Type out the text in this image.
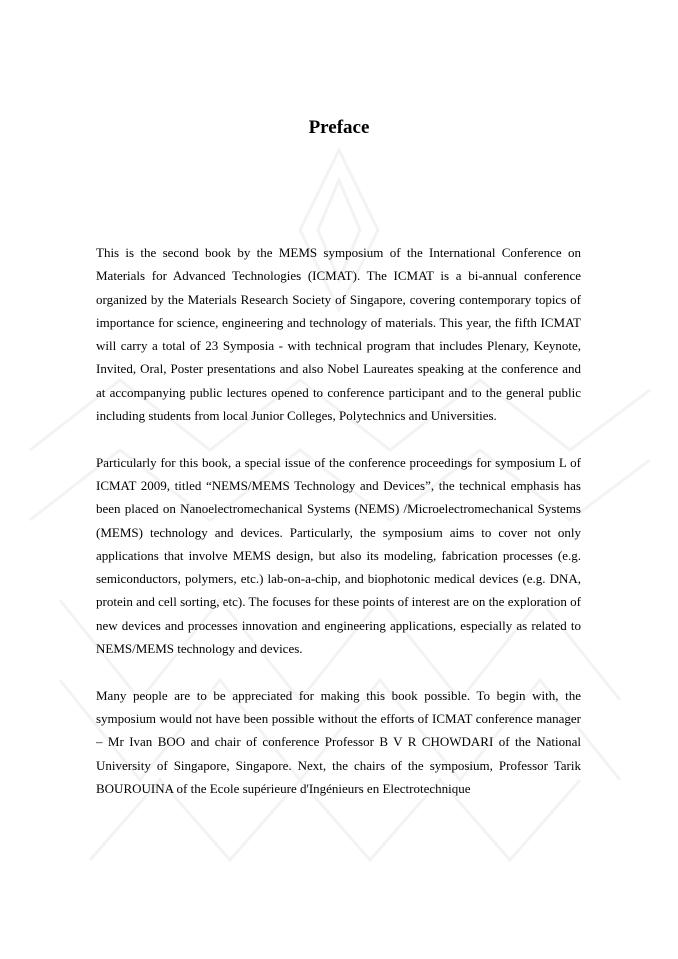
Preface

This is the second book by the MEMS symposium of the International Conference on Materials for Advanced Technologies (ICMAT). The ICMAT is a bi-annual conference organized by the Materials Research Society of Singapore, covering contemporary topics of importance for science, engineering and technology of materials. This year, the fifth ICMAT will carry a total of 23 Symposia - with technical program that includes Plenary, Keynote, Invited, Oral, Poster presentations and also Nobel Laureates speaking at the conference and at accompanying public lectures opened to conference participant and to the general public including students from local Junior Colleges, Polytechnics and Universities.

Particularly for this book, a special issue of the conference proceedings for symposium L of ICMAT 2009, titled “NEMS/MEMS Technology and Devices”, the technical emphasis has been placed on Nanoelectromechanical Systems (NEMS) /Microelectromechanical Systems (MEMS) technology and devices. Particularly, the symposium aims to cover not only applications that involve MEMS design, but also its modeling, fabrication processes (e.g. semiconductors, polymers, etc.) lab-on-a-chip, and biophotonic medical devices (e.g. DNA, protein and cell sorting, etc). The focuses for these points of interest are on the exploration of new devices and processes innovation and engineering applications, especially as related to NEMS/MEMS technology and devices.

Many people are to be appreciated for making this book possible. To begin with, the symposium would not have been possible without the efforts of ICMAT conference manager – Mr Ivan BOO and chair of conference Professor B V R CHOWDARI of the National University of Singapore, Singapore. Next, the chairs of the symposium, Professor Tarik BOUROUINA of the Ecole supérieure d'Ingénieurs en Electrotechnique
